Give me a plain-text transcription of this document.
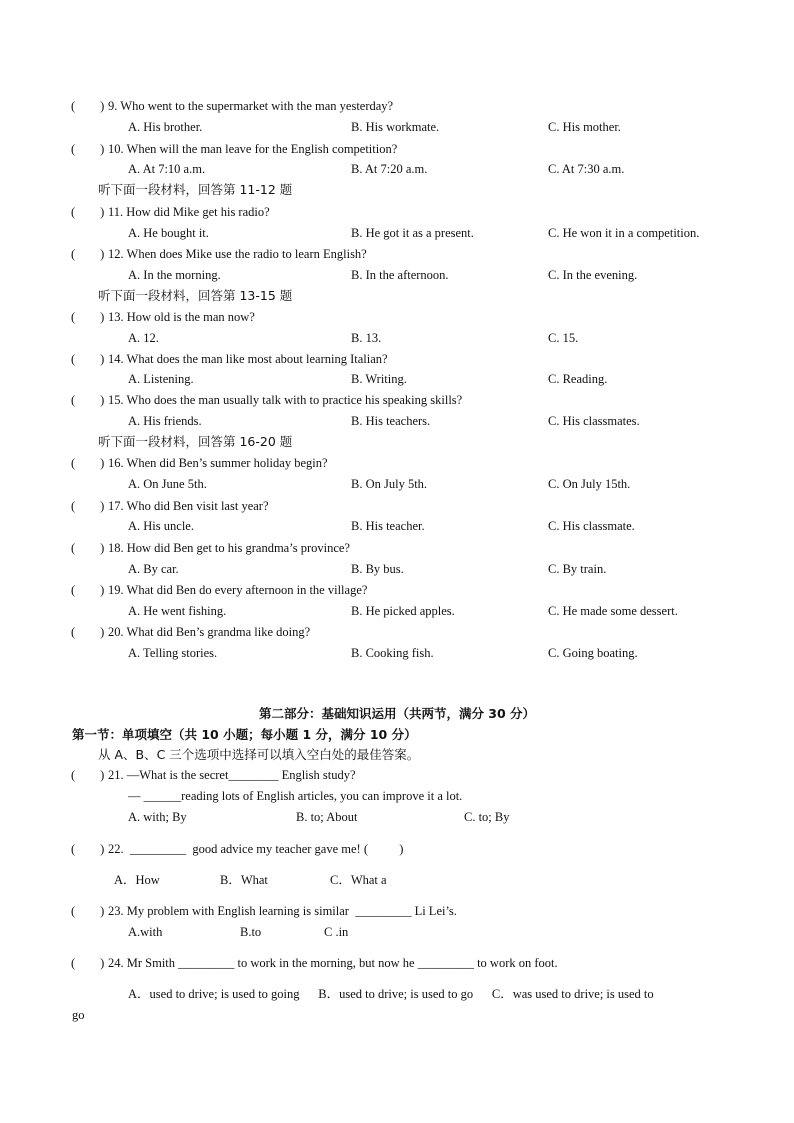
(        ) 9. Who went to the supermarket with the man yesterday?
A. His brother.	B. His workmate.	C. His mother.
(        ) 10. When will the man leave for the English competition?
A. At 7:10 a.m.	B. At 7:20 a.m.	C. At 7:30 a.m.
听下面一段材料，回答第 11-12 题
(        ) 11. How did Mike get his radio?
A. He bought it.	B. He got it as a present.	C. He won it in a competition.
(        ) 12. When does Mike use the radio to learn English?
A. In the morning.	B. In the afternoon.	C. In the evening.
听下面一段材料，回答第 13-15 题
(        ) 13. How old is the man now?
A. 12.	B. 13.	C. 15.
(        ) 14. What does the man like most about learning Italian?
A. Listening.	B. Writing.	C. Reading.
(        ) 15. Who does the man usually talk with to practice his speaking skills?
A. His friends.	B. His teachers.	C. His classmates.
听下面一段材料，回答第 16-20 题
(        ) 16. When did Ben’s summer holiday begin?
A. On June 5th.	B. On July 5th.	C. On July 15th.
(        ) 17. Who did Ben visit last year?
A. His uncle.	B. His teacher.	C. His classmate.
(        ) 18. How did Ben get to his grandma’s province?
A. By car.	B. By bus.	C. By train.
(        ) 19. What did Ben do every afternoon in the village?
A. He went fishing.	B. He picked apples.	C. He made some dessert.
(        ) 20. What did Ben’s grandma like doing?
A. Telling stories.	B. Cooking fish.	C. Going boating.
第二部分：基础知识运用（共两节，满分 30 分）
第一节：单项填空（共 10 小题；每小题 1 分，满分 10 分）
从 A、B、C 三个选项中选择可以填入空白处的最佳答案。
(        ) 21. —What is the secret________ English study?
— ______reading lots of English articles, you can improve it a lot.
A. with; By	B. to; About	C. to; By
(        ) 22.  _________  good advice my teacher gave me! (          )
A．How	B．What	C．What a
(        ) 23. My problem with English learning is similar  _________ Li Lei’s.
A.with	B.to	C .in
(        ) 24. Mr Smith _________ to work in the morning, but now he _________ to work on foot.
A．used to drive; is used to going      B．used to drive; is used to go      C．was used to drive; is used to
go
